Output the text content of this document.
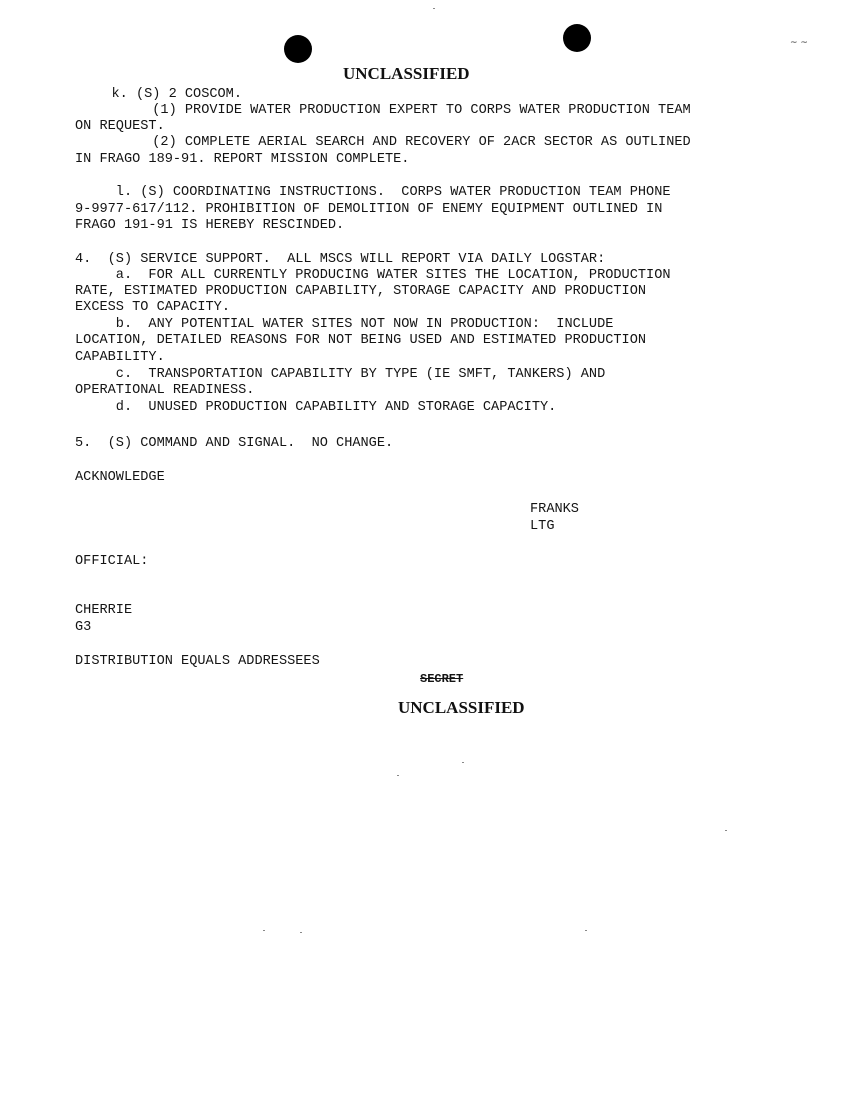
~ ~
UNCLASSIFIED
k. (S) 2 COSCOM.
(1) PROVIDE WATER PRODUCTION EXPERT TO CORPS WATER PRODUCTION TEAM
ON REQUEST.
(2) COMPLETE AERIAL SEARCH AND RECOVERY OF 2ACR SECTOR AS OUTLINED
IN FRAGO 189-91. REPORT MISSION COMPLETE.
l. (S) COORDINATING INSTRUCTIONS.  CORPS WATER PRODUCTION TEAM PHONE
9-9977-617/112. PROHIBITION OF DEMOLITION OF ENEMY EQUIPMENT OUTLINED IN
FRAGO 191-91 IS HEREBY RESCINDED.
4.  (S) SERVICE SUPPORT.  ALL MSCS WILL REPORT VIA DAILY LOGSTAR:
a.  FOR ALL CURRENTLY PRODUCING WATER SITES THE LOCATION, PRODUCTION
RATE, ESTIMATED PRODUCTION CAPABILITY, STORAGE CAPACITY AND PRODUCTION
EXCESS TO CAPACITY.
b.  ANY POTENTIAL WATER SITES NOT NOW IN PRODUCTION:  INCLUDE
LOCATION, DETAILED REASONS FOR NOT BEING USED AND ESTIMATED PRODUCTION
CAPABILITY.
c.  TRANSPORTATION CAPABILITY BY TYPE (IE SMFT, TANKERS) AND
OPERATIONAL READINESS.
d.  UNUSED PRODUCTION CAPABILITY AND STORAGE CAPACITY.
5.  (S) COMMAND AND SIGNAL.  NO CHANGE.
ACKNOWLEDGE
FRANKS
LTG
OFFICIAL:
CHERRIE
G3
DISTRIBUTION EQUALS ADDRESSEES
SECRET
UNCLASSIFIED
